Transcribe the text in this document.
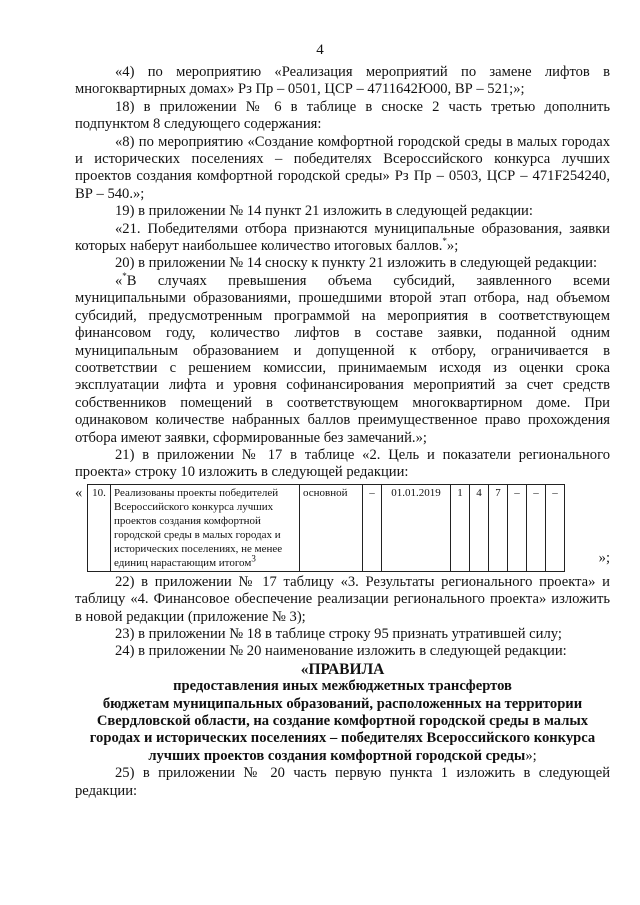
4

«4) по мероприятию «Реализация мероприятий по замене лифтов в многоквартирных домах» Рз Пр – 0501, ЦСР – 4711642Ю00, ВР – 521;»;

18) в приложении № 6 в таблице в сноске 2 часть третью дополнить подпунктом 8 следующего содержания:

«8) по мероприятию «Создание комфортной городской среды в малых городах и исторических поселениях – победителях Всероссийского конкурса лучших проектов создания комфортной городской среды» Рз Пр – 0503, ЦСР – 471F254240, ВР – 540.»;

19) в приложении № 14 пункт 21 изложить в следующей редакции:

«21. Победителями отбора признаются муниципальные образования, заявки которых наберут наибольшее количество итоговых баллов.*»;

20) в приложении № 14 сноску к пункту 21 изложить в следующей редакции:

«*В случаях превышения объема субсидий, заявленного всеми муниципальными образованиями, прошедшими второй этап отбора, над объемом субсидий, предусмотренным программой на мероприятия в соответствующем финансовом году, количество лифтов в составе заявки, поданной одним муниципальным образованием и допущенной к отбору, ограничивается в соответствии с решением комиссии, принимаемым исходя из оценки срока эксплуатации лифта и уровня софинансирования мероприятий за счет средств собственников помещений в соответствующем многоквартирном доме. При одинаковом количестве набранных баллов преимущественное право прохождения отбора имеют заявки, сформированные без замечаний.»;

21) в приложении № 17 в таблице «2. Цель и показатели регионального проекта» строку 10 изложить в следующей редакции:

« 10.	Реализованы проекты победителей Всероссийского конкурса лучших проектов создания комфортной городской среды в малых городах и исторических поселениях, не менее единиц нарастающим итогом$^3$	основной	–	01.01.2019	1	4	7	–	–	–
»;

22) в приложении № 17 таблицу «3. Результаты регионального проекта» и таблицу «4. Финансовое обеспечение реализации регионального проекта» изложить в новой редакции (приложение № 3);

23) в приложении № 18 в таблице строку 95 признать утратившей силу;

24) в приложении № 20 наименование изложить в следующей редакции:

«ПРАВИЛА

предоставления иных межбюджетных трансфертов

бюджетам муниципальных образований, расположенных на территории Свердловской области, на создание комфортной городской среды в малых городах и исторических поселениях – победителях Всероссийского конкурса лучших проектов создания комфортной городской среды»;

25) в приложении № 20 часть первую пункта 1 изложить в следующей редакции:
